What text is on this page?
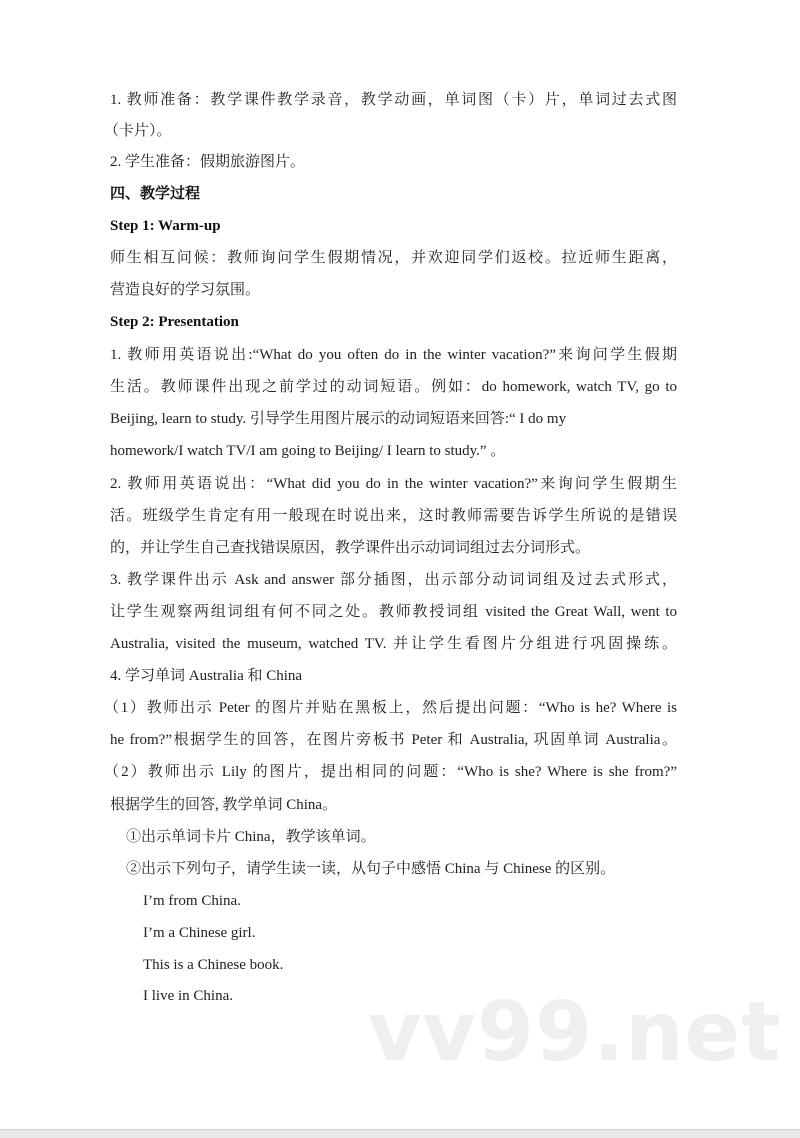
1. 教师准备：教学课件教学录音，教学动画，单词图（卡）片，单词过去式图
（卡片）。
2. 学生准备：假期旅游图片。
四、教学过程
Step 1: Warm-up
师生相互问候：教师询问学生假期情况，并欢迎同学们返校。拉近师生距离，
营造良好的学习氛围。
Step 2: Presentation
1. 教师用英语说出:“What do you often do in the winter vacation?”来询问学生假期
生活。教师课件出现之前学过的动词短语。例如：do homework, watch TV, go to
Beijing, learn to study. 引导学生用图片展示的动词短语来回答:“ I do my
homework/I watch TV/I am going to Beijing/ I learn to study.” 。
2. 教师用英语说出：“What did you do in the winter vacation?”来询问学生假期生
活。班级学生肯定有用一般现在时说出来，这时教师需要告诉学生所说的是错误
的，并让学生自己查找错误原因，教学课件出示动词词组过去分词形式。
3. 教学课件出示 Ask and answer 部分插图，出示部分动词词组及过去式形式，
让学生观察两组词组有何不同之处。教师教授词组 visited the Great Wall, went to
Australia, visited the museum, watched TV. 并让学生看图片分组进行巩固操练。
4. 学习单词 Australia 和 China
（1）教师出示 Peter 的图片并贴在黑板上，然后提出问题：“Who is he? Where is
he from?”根据学生的回答，在图片旁板书 Peter 和 Australia, 巩固单词 Australia。
（2）教师出示 Lily 的图片，提出相同的问题：“Who is she? Where is she from?”
根据学生的回答, 教学单词 China。
①出示单词卡片 China，教学该单词。
②出示下列句子，请学生读一读，从句子中感悟 China 与 Chinese 的区别。
I’m from China.
I’m a Chinese girl.
This is a Chinese book.
I live in China. vv99.net
